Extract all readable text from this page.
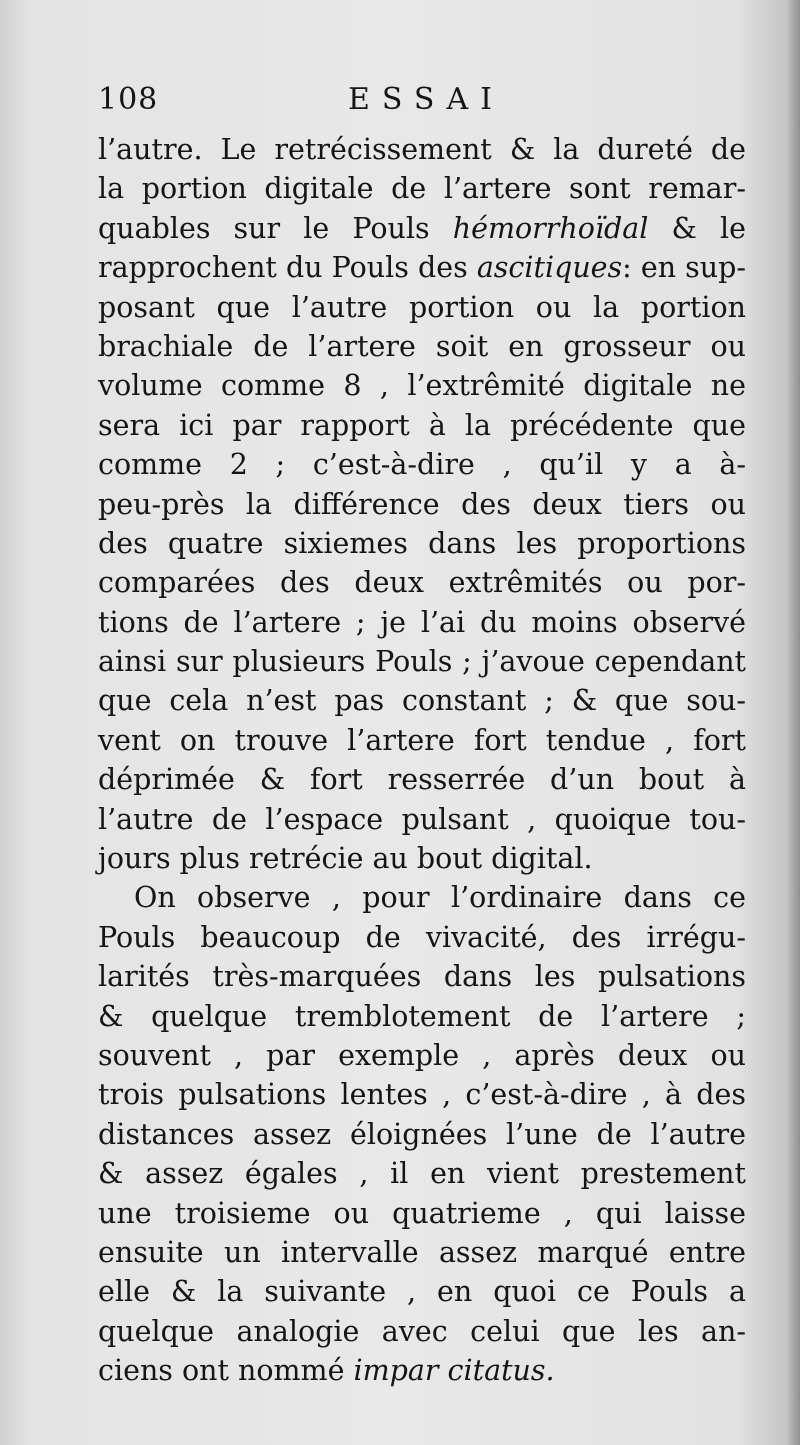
108	ESSAI
l’autre. Le retrécissement & la dureté de
la portion digitale de l’artere sont remar-
quables sur le Pouls hémorrhoïdal & le
rapprochent du Pouls des ascitiques: en sup-
posant que l’autre portion ou la portion
brachiale de l’artere soit en grosseur ou
volume comme 8 , l’extrêmité digitale ne
sera ici par rapport à la précédente que
comme 2 ; c’est-à-dire , qu’il y a à-
peu-près la différence des deux tiers ou
des quatre sixiemes dans les proportions
comparées des deux extrêmités ou por-
tions de l’artere ; je l’ai du moins observé
ainsi sur plusieurs Pouls ; j’avoue cependant
que cela n’est pas constant ; & que sou-
vent on trouve l’artere fort tendue , fort
déprimée & fort resserrée d’un bout à
l’autre de l’espace pulsant , quoique tou-
jours plus retrécie au bout digital.
On observe , pour l’ordinaire dans ce
Pouls beaucoup de vivacité, des irrégu-
larités très-marquées dans les pulsations
& quelque tremblotement de l’artere ;
souvent , par exemple , après deux ou
trois pulsations lentes , c’est-à-dire , à des
distances assez éloignées l’une de l’autre
& assez égales , il en vient prestement
une troisieme ou quatrieme , qui laisse
ensuite un intervalle assez marqué entre
elle & la suivante , en quoi ce Pouls a
quelque analogie avec celui que les an-
ciens ont nommé impar citatus.
